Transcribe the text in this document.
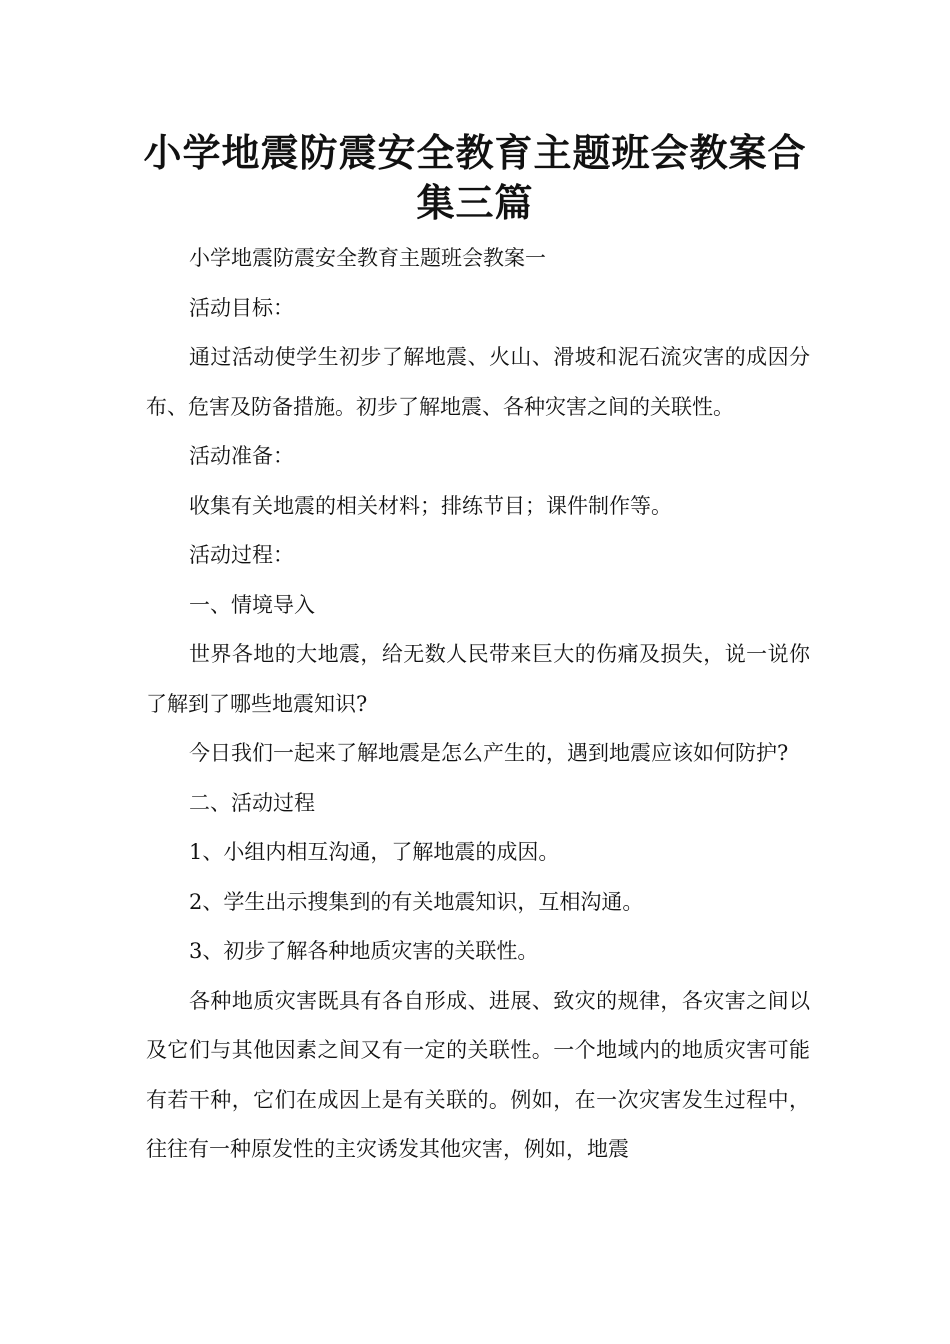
小学地震防震安全教育主题班会教案合集三篇

小学地震防震安全教育主题班会教案一

活动目标：

通过活动使学生初步了解地震、火山、滑坡和泥石流灾害的成因分布、危害及防备措施。初步了解地震、各种灾害之间的关联性。

活动准备：

收集有关地震的相关材料；排练节目；课件制作等。

活动过程：

一、情境导入

世界各地的大地震，给无数人民带来巨大的伤痛及损失，说一说你了解到了哪些地震知识?

今日我们一起来了解地震是怎么产生的，遇到地震应该如何防护?

二、活动过程

1、小组内相互沟通，了解地震的成因。

2、学生出示搜集到的有关地震知识，互相沟通。

3、初步了解各种地质灾害的关联性。

各种地质灾害既具有各自形成、进展、致灾的规律，各灾害之间以及它们与其他因素之间又有一定的关联性。一个地域内的地质灾害可能有若干种，它们在成因上是有关联的。例如，在一次灾害发生过程中，往往有一种原发性的主灾诱发其他灾害，例如，地震
